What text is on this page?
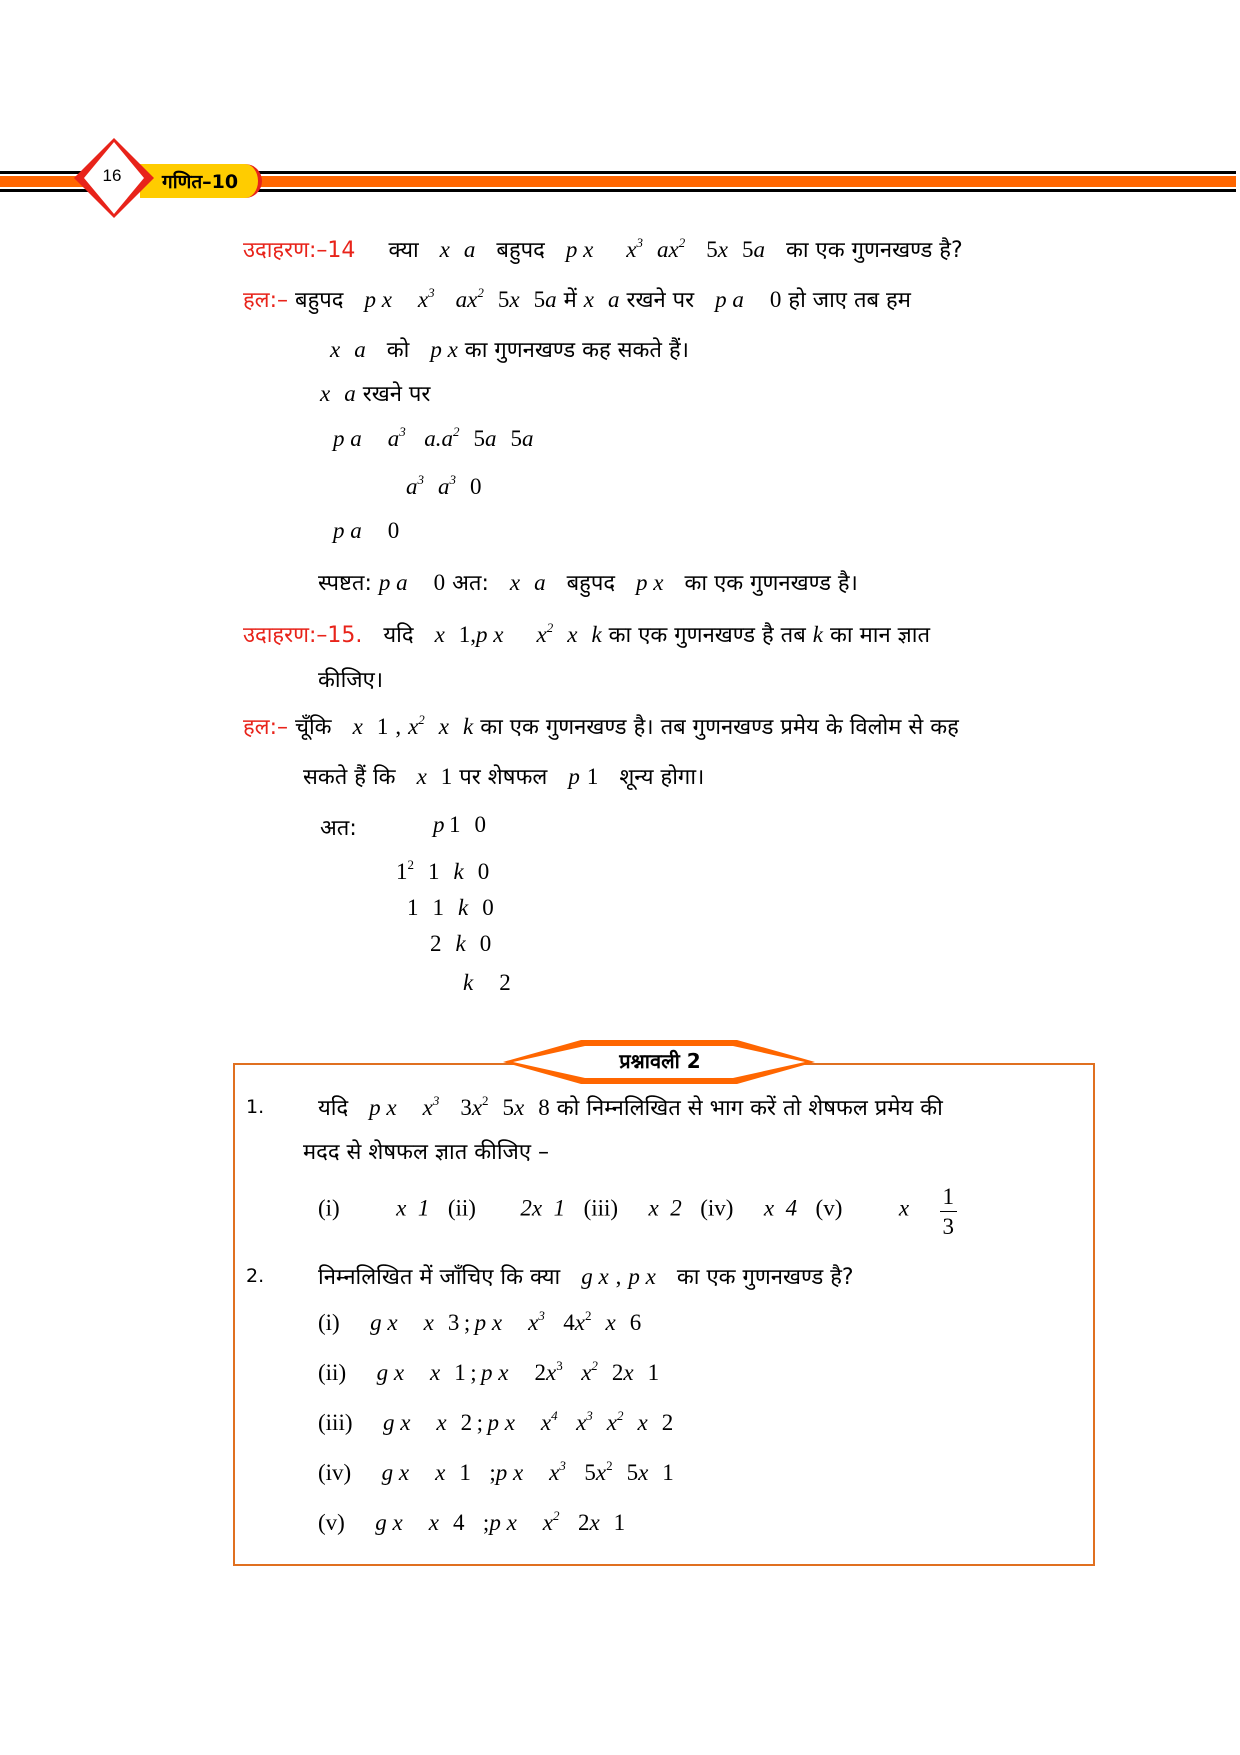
गणित–10
16
उदाहरण:–14 क्या x a बहुपद p x $x^3$ $ax^2$ 5x 5a का एक गुणनखण्ड है?
हल:– बहुपद p x $x^3$ $ax^2$ 5x 5a में x a रखने पर p a 0 हो जाए तब हम
x a को p x का गुणनखण्ड कह सकते हैं।
x a रखने पर
p a $a^3$ $a.a^2$ 5a 5a
$a^3$ $a^3$ 0
p a 0
स्पष्टत: p a 0 अत: x a बहुपद p x का एक गुणनखण्ड है।
उदाहरण:–15. यदि x 1,p x $x^2$ x k का एक गुणनखण्ड है तब k का मान ज्ञात
कीजिए।
हल:– चूँकि x 1 , $x^2$ x k का एक गुणनखण्ड है। तब गुणनखण्ड प्रमेय के विलोम से कह
सकते हैं कि x 1 पर शेषफल p 1 शून्य होगा।
अत:	p 1 0
$1^2$ 1 k 0
1 1 k 0
2 k 0
k 2
प्रश्नावली 2
1. यदि p x $x^3$ $3x^2$ 5x 8 को निम्नलिखित से भाग करें तो शेषफल प्रमेय की
मदद से शेषफल ज्ञात कीजिए –
(i) x  1 (ii) 2x  1 (iii) x  2 (iv) x  4 (v) x $\frac{1}{3}$
2. निम्नलिखित में जाँचिए कि क्या g x , p x का एक गुणनखण्ड है?
(i) g x x 3 ; p x $x^3$ $4x^2$ x 6
(ii) g x x 1 ; p x $2x^3$ $x^2$ 2x 1
(iii) g x x 2 ; p x $x^4$ $x^3$ $x^2$ x 2
(iv) g x x 1 ;p x $x^3$ $5x^2$ 5x 1
(v) g x x 4 ;p x $x^2$ 2x 1
